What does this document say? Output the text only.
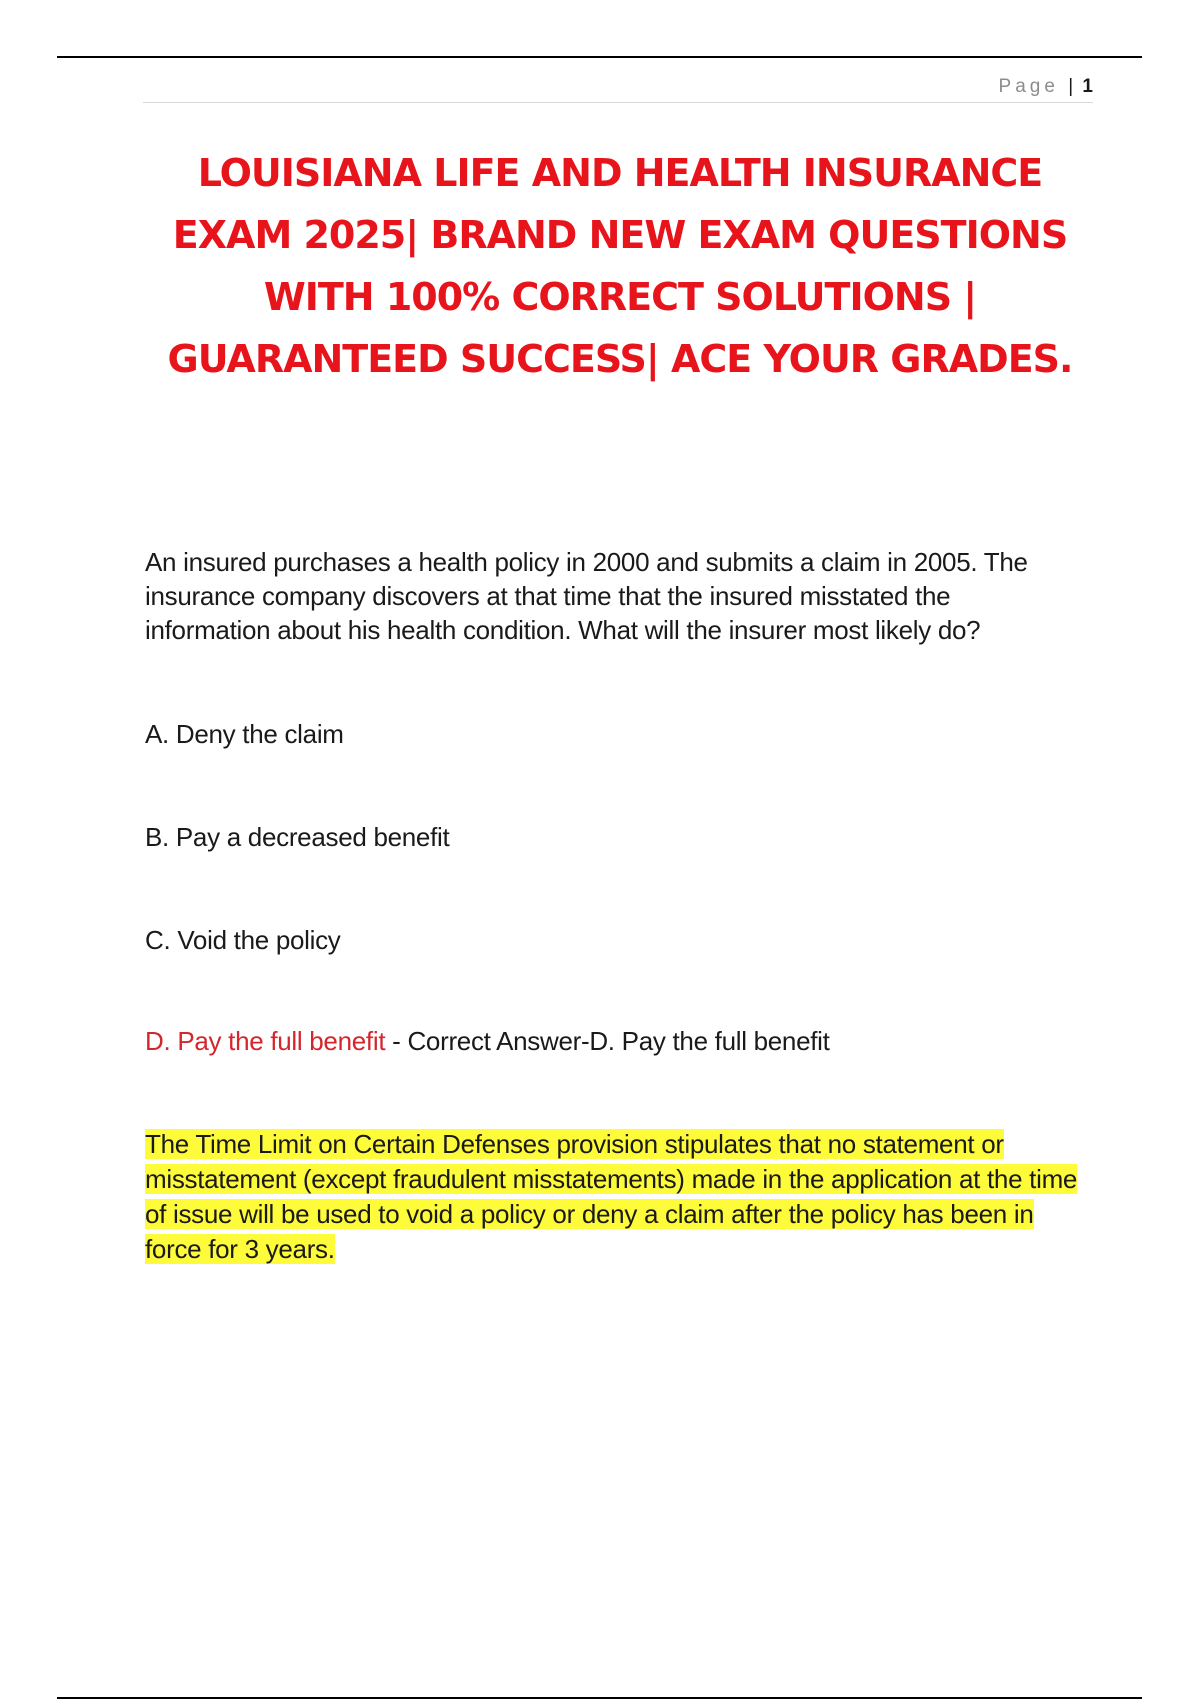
Page | 1
LOUISIANA LIFE AND HEALTH INSURANCE EXAM 2025| BRAND NEW EXAM QUESTIONS WITH 100% CORRECT SOLUTIONS | GUARANTEED SUCCESS| ACE YOUR GRADES.

An insured purchases a health policy in 2000 and submits a claim in 2005. The insurance company discovers at that time that the insured misstated the information about his health condition. What will the insurer most likely do?

A. Deny the claim

B. Pay a decreased benefit

C. Void the policy

D. Pay the full benefit - Correct Answer-D. Pay the full benefit

The Time Limit on Certain Defenses provision stipulates that no statement or misstatement (except fraudulent misstatements) made in the application at the time of issue will be used to void a policy or deny a claim after the policy has been in force for 3 years.
